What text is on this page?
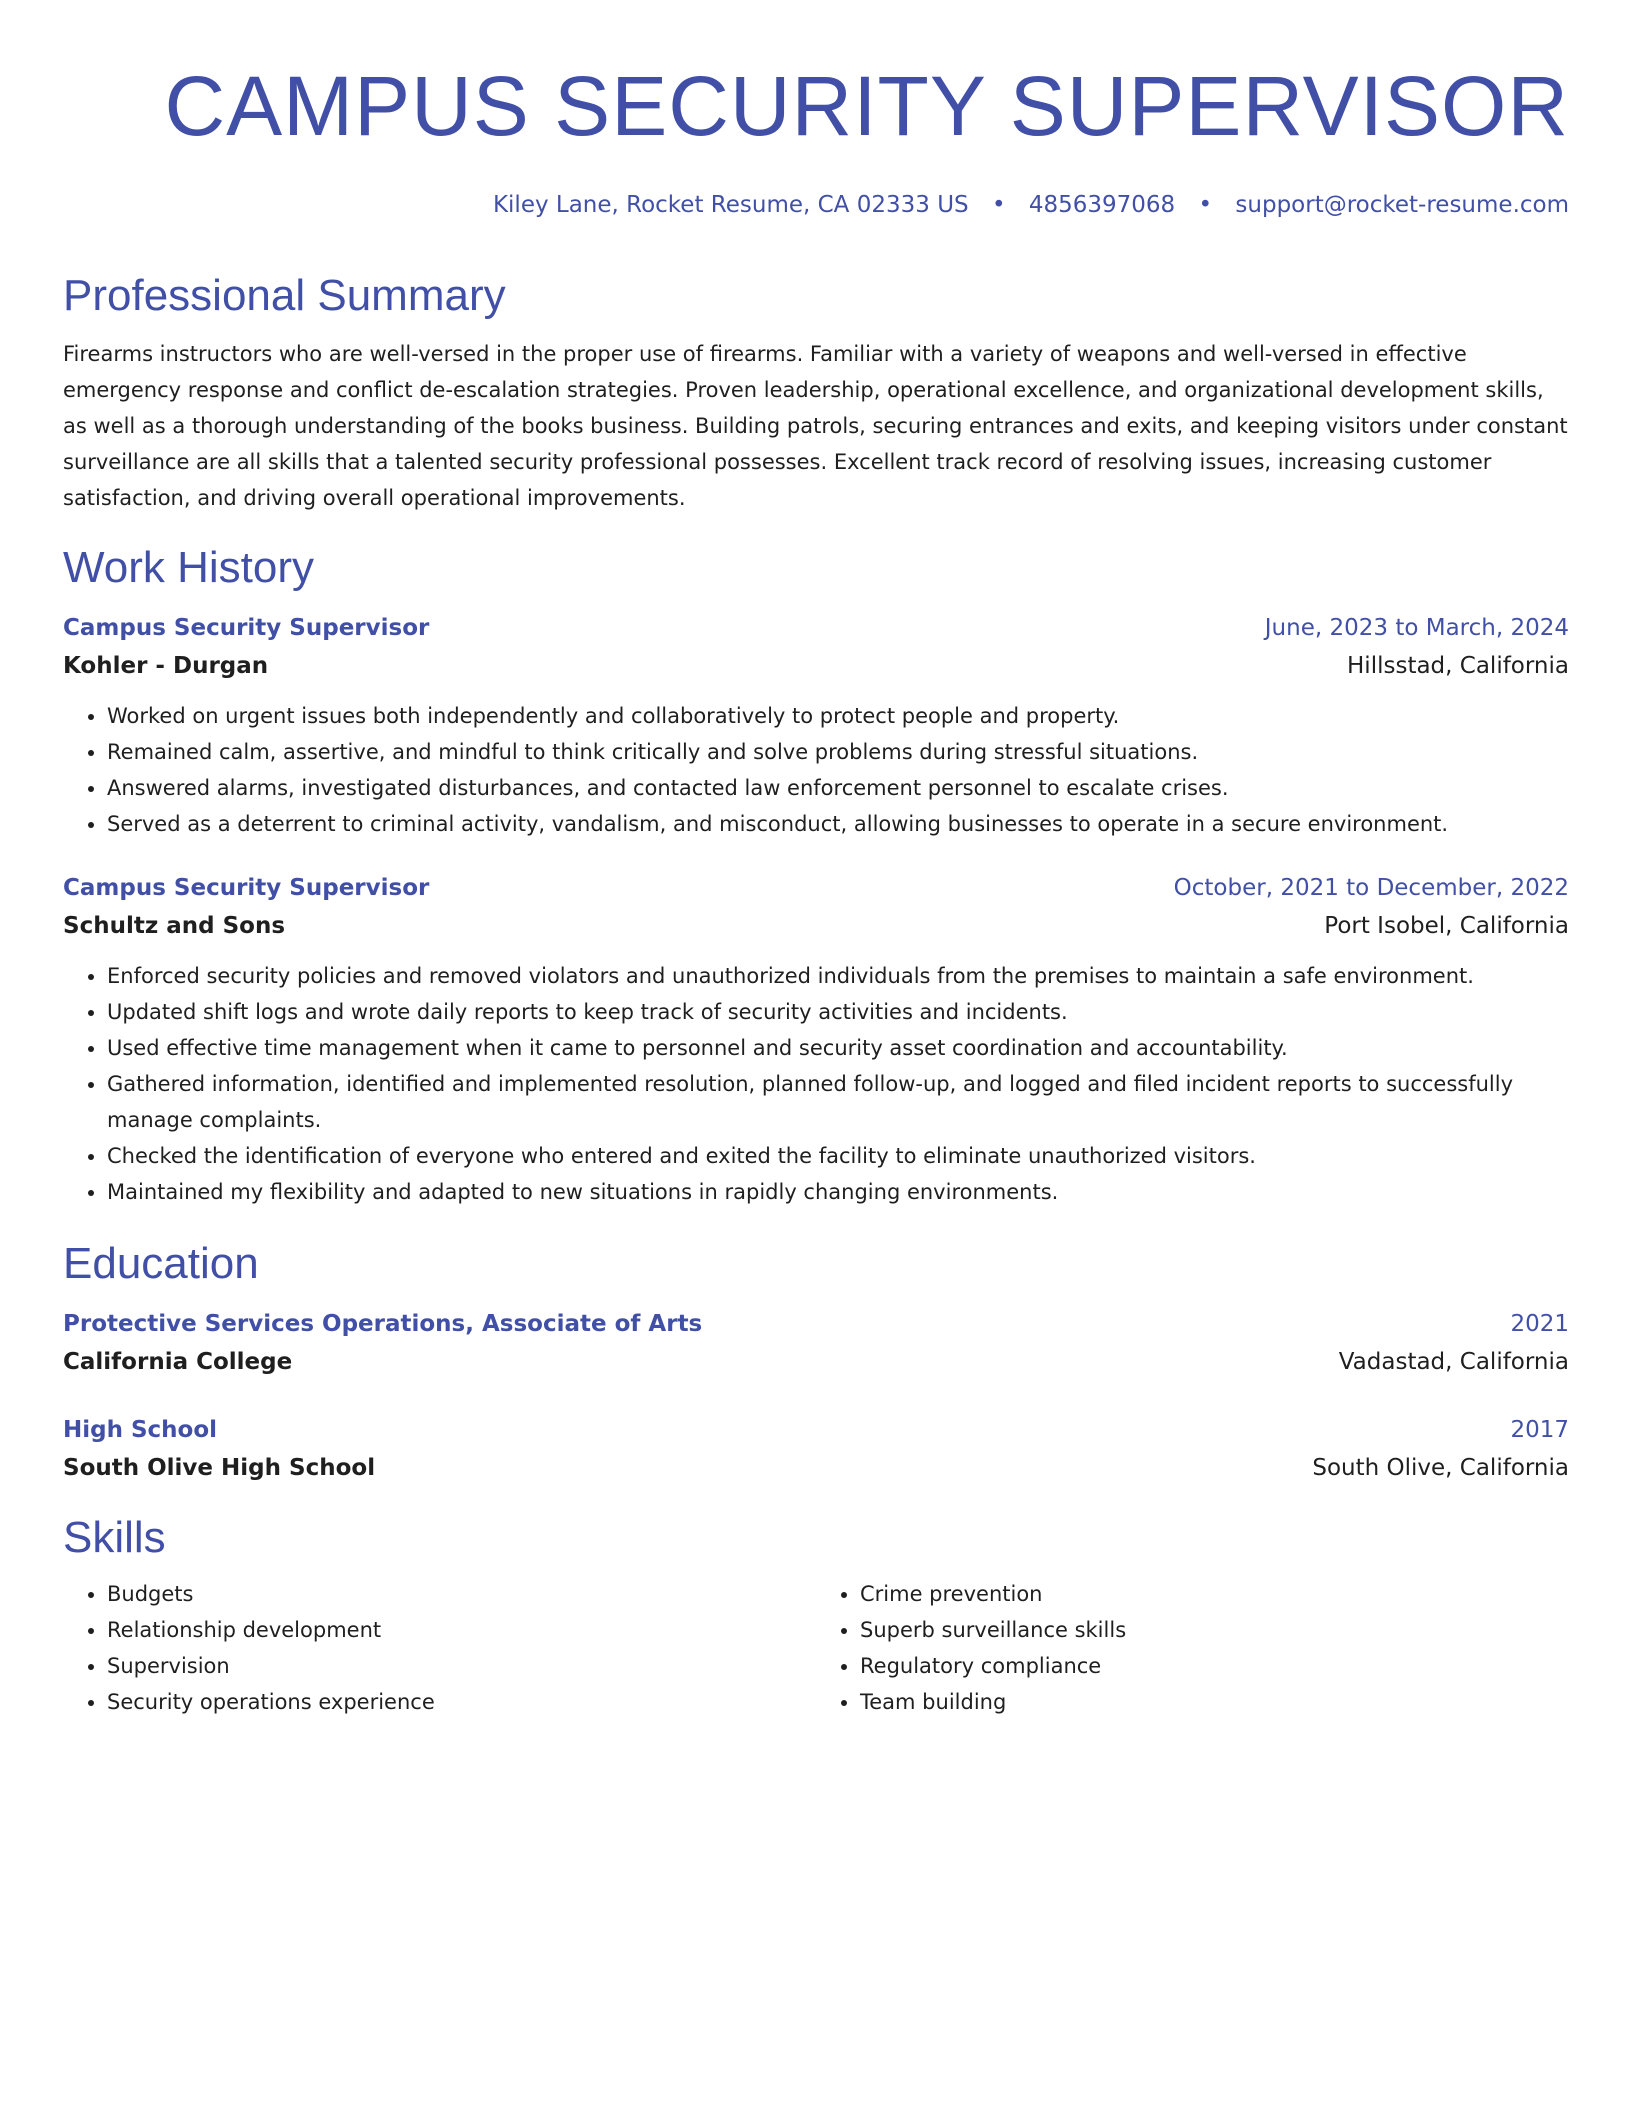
CAMPUS SECURITY SUPERVISOR
Kiley Lane, Rocket Resume, CA 02333 US • 4856397068 • support@rocket-resume.com
Professional Summary

Firearms instructors who are well-versed in the proper use of firearms. Familiar with a variety of weapons and well-versed in effective emergency response and conflict de-escalation strategies. Proven leadership, operational excellence, and organizational development skills, as well as a thorough understanding of the books business. Building patrols, securing entrances and exits, and keeping visitors under constant surveillance are all skills that a talented security professional possesses. Excellent track record of resolving issues, increasing customer satisfaction, and driving overall operational improvements.

Work History
Campus Security Supervisor	June, 2023 to March, 2024
Kohler - Durgan	Hillsstad, California
• Worked on urgent issues both independently and collaboratively to protect people and property.
• Remained calm, assertive, and mindful to think critically and solve problems during stressful situations.
• Answered alarms, investigated disturbances, and contacted law enforcement personnel to escalate crises.
• Served as a deterrent to criminal activity, vandalism, and misconduct, allowing businesses to operate in a secure environment.
Campus Security Supervisor	October, 2021 to December, 2022
Schultz and Sons	Port Isobel, California
• Enforced security policies and removed violators and unauthorized individuals from the premises to maintain a safe environment.
• Updated shift logs and wrote daily reports to keep track of security activities and incidents.
• Used effective time management when it came to personnel and security asset coordination and accountability.
• Gathered information, identified and implemented resolution, planned follow-up, and logged and filed incident reports to successfully manage complaints.
• Checked the identification of everyone who entered and exited the facility to eliminate unauthorized visitors.
• Maintained my flexibility and adapted to new situations in rapidly changing environments.
Education
Protective Services Operations, Associate of Arts	2021
California College	Vadastad, California
High School	2017
South Olive High School	South Olive, California
Skills
• Budgets
• Relationship development
• Supervision
• Security operations experience
• Crime prevention
• Superb surveillance skills
• Regulatory compliance
• Team building
